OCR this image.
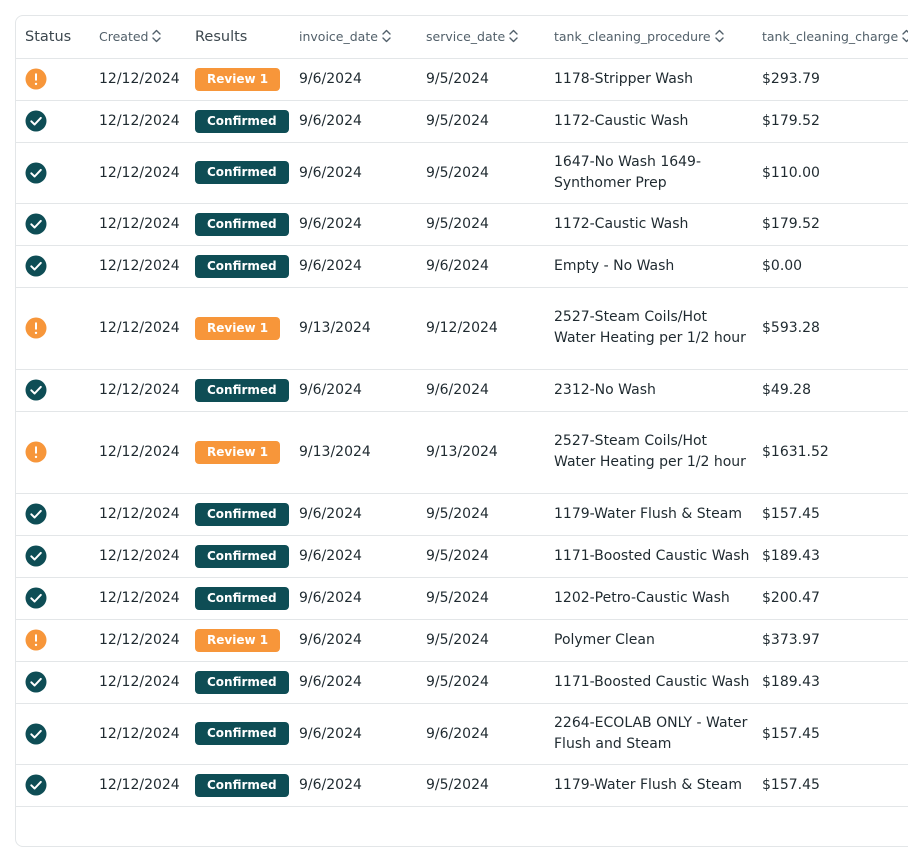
Status	Created	Results	invoice_date	service_date	tank_cleaning_procedure	tank_cleaning_charge

	12/12/2024	Review 1	9/6/2024	9/5/2024	1178-Stripper Wash	$293.79

	12/12/2024	Confirmed	9/6/2024	9/5/2024	1172-Caustic Wash	$179.52

	12/12/2024	Confirmed	9/6/2024	9/5/2024	1647-No Wash 1649-Synthomer Prep	$110.00

	12/12/2024	Confirmed	9/6/2024	9/5/2024	1172-Caustic Wash	$179.52

	12/12/2024	Confirmed	9/6/2024	9/6/2024	Empty - No Wash	$0.00

	12/12/2024	Review 1	9/13/2024	9/12/2024	2527-Steam Coils/Hot Water Heating per 1/2 hour	$593.28

	12/12/2024	Confirmed	9/6/2024	9/6/2024	2312-No Wash	$49.28

	12/12/2024	Review 1	9/13/2024	9/13/2024	2527-Steam Coils/Hot Water Heating per 1/2 hour	$1631.52

	12/12/2024	Confirmed	9/6/2024	9/5/2024	1179-Water Flush & Steam	$157.45

	12/12/2024	Confirmed	9/6/2024	9/5/2024	1171-Boosted Caustic Wash	$189.43

	12/12/2024	Confirmed	9/6/2024	9/5/2024	1202-Petro-Caustic Wash	$200.47

	12/12/2024	Review 1	9/6/2024	9/5/2024	Polymer Clean	$373.97

	12/12/2024	Confirmed	9/6/2024	9/5/2024	1171-Boosted Caustic Wash	$189.43

	12/12/2024	Confirmed	9/6/2024	9/6/2024	2264-ECOLAB ONLY - Water Flush and Steam	$157.45

	12/12/2024	Confirmed	9/6/2024	9/5/2024	1179-Water Flush & Steam	$157.45
